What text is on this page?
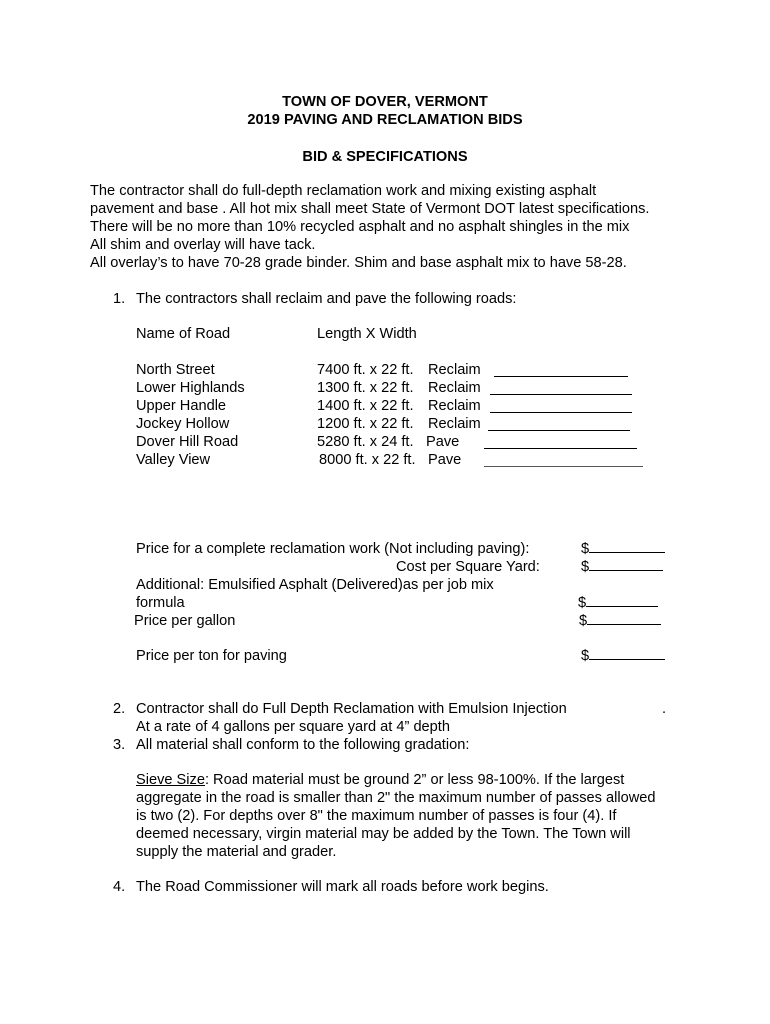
TOWN OF DOVER, VERMONT
2019 PAVING AND RECLAMATION BIDS
BID & SPECIFICATIONS
The contractor shall do full-depth reclamation work and mixing existing asphalt
pavement and base . All hot mix shall meet State of Vermont DOT latest specifications.
There will be no more than 10% recycled asphalt and no asphalt shingles in the mix
All shim and overlay will have tack.
All overlay’s to have 70-28 grade binder. Shim and base asphalt mix to have 58-28.
1. The contractors shall reclaim and pave the following roads:
Name of Road	Length X Width
North Street	7400 ft. x 22 ft. Reclaim
Lower Highlands	1300 ft. x 22 ft. Reclaim
Upper Handle	1400 ft. x 22 ft. Reclaim
Jockey Hollow	1200 ft. x 22 ft. Reclaim
Dover Hill Road	5280 ft. x 24 ft. Pave
Valley View	8000 ft. x 22 ft. Pave
Price for a complete reclamation work (Not including paving):	$
Cost per Square Yard:	$
Additional: Emulsified Asphalt (Delivered)as per job mix
formula	$
Price per gallon	$
Price per ton for paving	$
2. Contractor shall do Full Depth Reclamation with Emulsion Injection	.
At a rate of 4 gallons per square yard at 4” depth
3. All material shall conform to the following gradation:
Sieve Size: Road material must be ground 2” or less 98-100%. If the largest
aggregate in the road is smaller than 2" the maximum number of passes allowed
is two (2). For depths over 8" the maximum number of passes is four (4). If
deemed necessary, virgin material may be added by the Town. The Town will
supply the material and grader.
4. The Road Commissioner will mark all roads before work begins.
